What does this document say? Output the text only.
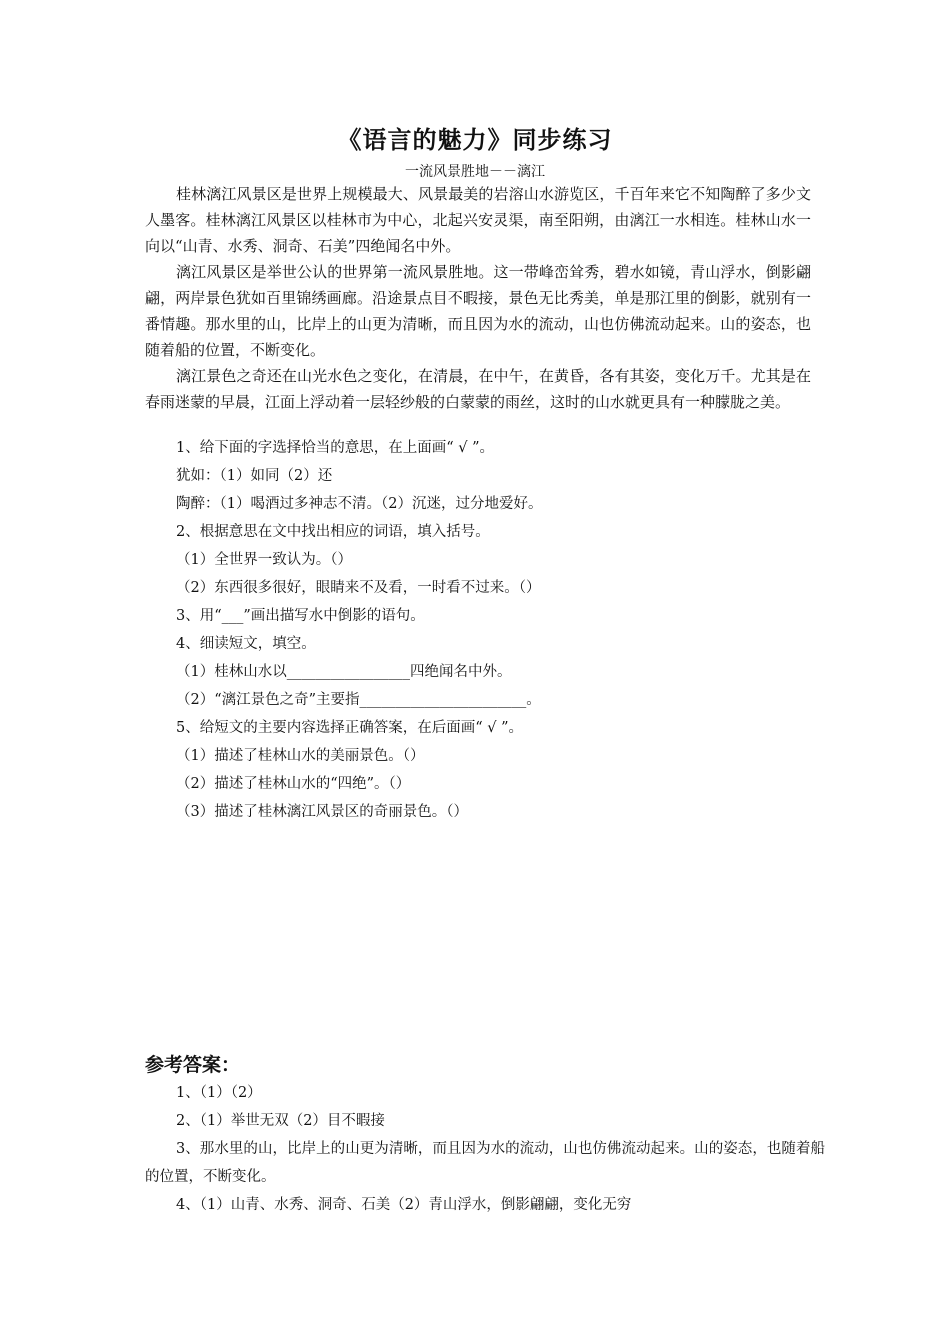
《语言的魅力》同步练习
一流风景胜地－－漓江

桂林漓江风景区是世界上规模最大、风景最美的岩溶山水游览区，千百年来它不知陶醉了多少文人墨客。桂林漓江风景区以桂林市为中心，北起兴安灵渠，南至阳朔，由漓江一水相连。桂林山水一向以“山青、水秀、洞奇、石美”四绝闻名中外。

漓江风景区是举世公认的世界第一流风景胜地。这一带峰峦耸秀，碧水如镜，青山浮水，倒影翩翩，两岸景色犹如百里锦绣画廊。沿途景点目不暇接，景色无比秀美，单是那江里的倒影，就别有一番情趣。那水里的山，比岸上的山更为清晰，而且因为水的流动，山也仿佛流动起来。山的姿态，也随着船的位置，不断变化。

漓江景色之奇还在山光水色之变化，在清晨，在中午，在黄昏，各有其姿，变化万千。尤其是在春雨迷蒙的早晨，江面上浮动着一层轻纱般的白蒙蒙的雨丝，这时的山水就更具有一种朦胧之美。

1、给下面的字选择恰当的意思，在上面画“ √ ”。

犹如：（1）如同（2）还

陶醉：（1）喝酒过多神志不清。（2）沉迷，过分地爱好。

2、根据意思在文中找出相应的词语，填入括号。

（1）全世界一致认为。（）

（2）东西很多很好，眼睛来不及看，一时看不过来。（）

3、用“___”画出描写水中倒影的语句。

4、细读短文，填空。

（1）桂林山水以_________________四绝闻名中外。

（2）“漓江景色之奇”主要指_______________________。

5、给短文的主要内容选择正确答案，在后面画“ √ ”。

（1）描述了桂林山水的美丽景色。（）

（2）描述了桂林山水的“四绝”。（）

（3）描述了桂林漓江风景区的奇丽景色。（）

参考答案：

1、（1）（2）

2、（1）举世无双（2）目不暇接

3、那水里的山，比岸上的山更为清晰，而且因为水的流动，山也仿佛流动起来。山的姿态，也随着船的位置，不断变化。

4、（1）山青、水秀、洞奇、石美（2）青山浮水，倒影翩翩，变化无穷
